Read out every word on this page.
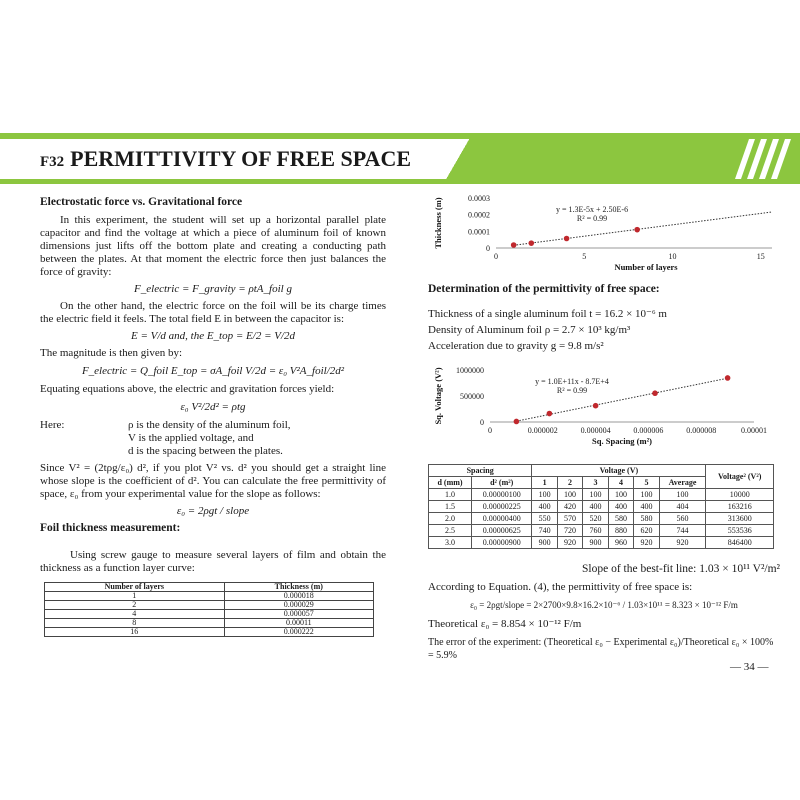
F32 PERMITTIVITY OF FREE SPACE
Electrostatic force vs. Gravitational force
In this experiment, the student will set up a horizontal parallel plate capacitor and find the voltage at which a piece of aluminum foil of known dimensions just lifts off the bottom plate and creating a conducting path between the plates. At that moment the electric force then just balances the force of gravity:
F_electric = F_gravity = ρtA_foil g
On the other hand, the electric force on the foil will be its charge times the electric field it feels. The total field E in between the capacitor is:
E = V/d and, the E_top = E/2 = V/2d
The magnitude is then given by:
F_electric = Q_foil E_top = σA_foil V/2d = ε₀ V²A_foil/2d²
Equating equations above, the electric and gravitation forces yield:
ε₀ V²/2d² = ρtg
Here:	ρ is the density of the aluminum foil,
V is the applied voltage, and
d is the spacing between the plates.
Since V² = (2tρg/ε₀) d², if you plot V² vs. d² you should get a straight line whose slope is the coefficient of d². You can calculate the free permittivity of space, ε₀ from your experimental value for the slope as follows:
ε₀ = 2ρgt / slope
Foil thickness measurement:
Using screw gauge to measure several layers of film and obtain the thickness as a function layer curve:
Number of layers	Thickness (m)
1	0.000018
2	0.000029
4	0.000057
8	0.00011
16	0.000222
0
0.0001
0.0002
0.0003
0	5	10	15
y = 1.3E-5x + 2.50E-6
R² = 0.99
Number of layers
Thickness (m)
Determination of the permittivity of free space:
Thickness of a single aluminum foil t = 16.2 × 10⁻⁶ m
Density of Aluminum foil ρ = 2.7 × 10³ kg/m³
Acceleration due to gravity g = 9.8 m/s²
0
500000
1000000
0	0.000002	0.000004	0.000006	0.000008	0.00001
y = 1.0E+11x - 8.7E+4
R² = 0.99
Sq. Spacing (m²)
Sq. Voltage (V²)
Spacing		Voltage (V)						Voltage² (V²)
d (mm)	d² (m²)	1	2	3	4	5	Average	
1.0	0.00000100	100	100	100	100	100	100	10000
1.5	0.00000225	400	420	400	400	400	404	163216
2.0	0.00000400	550	570	520	580	580	560	313600
2.5	0.00000625	740	720	760	880	620	744	553536
3.0	0.00000900	900	920	900	960	920	920	846400
Slope of the best-fit line: 1.03 × 10¹¹ V²/m²
According to Equation. (4), the permittivity of free space is:
ε₀ = 2ρgt/slope = 2×2700×9.8×16.2×10⁻⁶ / 1.03×10¹¹ = 8.323 × 10⁻¹² F/m
Theoretical ε₀ = 8.854 × 10⁻¹² F/m
The error of the experiment: (Theoretical ε₀ − Experimental ε₀)/Theoretical ε₀ × 100% = 5.9%
— 34 —
